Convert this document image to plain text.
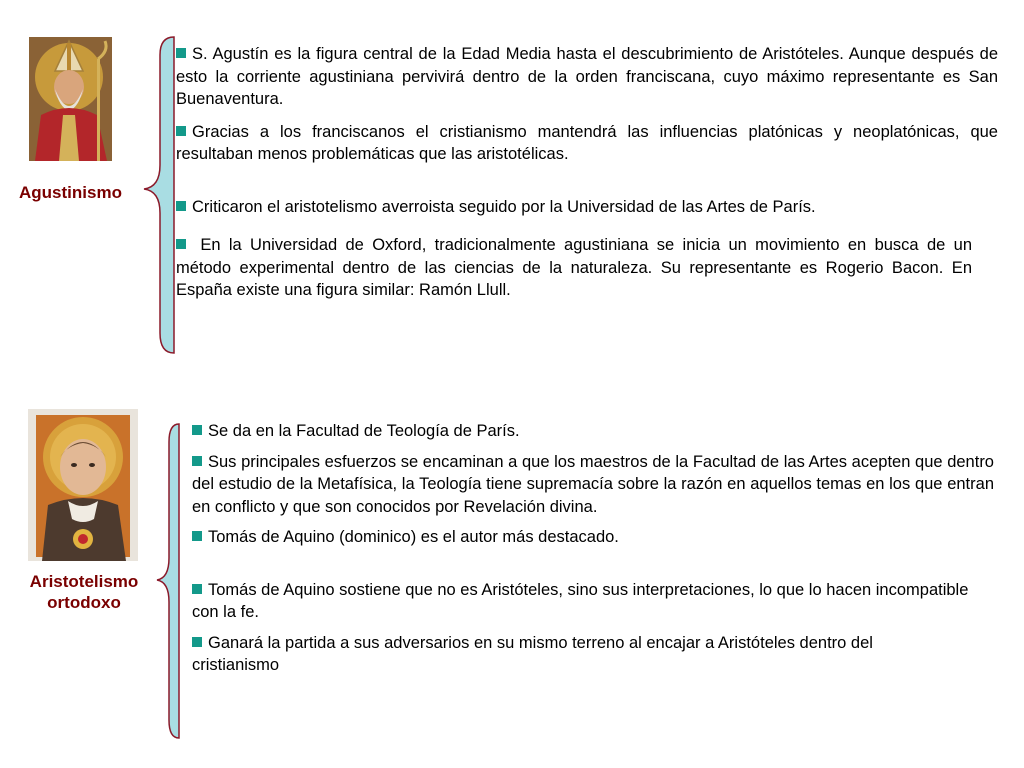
Agustinismo

S. Agustín es la figura central de la Edad Media hasta el descubrimiento de Aristóteles. Aunque después de esto la corriente agustiniana pervivirá dentro de la orden franciscana, cuyo máximo representante es San Buenaventura.

Gracias a los franciscanos el cristianismo mantendrá las influencias platónicas y neoplatónicas, que resultaban menos problemáticas que las aristotélicas.

Criticaron el aristotelismo averroista seguido por la Universidad de las Artes de París.

En la Universidad de Oxford, tradicionalmente agustiniana se inicia un movimiento en busca de un método experimental dentro de las ciencias de la naturaleza. Su representante es Rogerio Bacon. En España existe una figura similar: Ramón Llull.

Aristotelismo
ortodoxo

Se da en la Facultad de Teología de París.

Sus principales esfuerzos se encaminan a que los maestros de la Facultad de las Artes acepten que dentro del estudio de la Metafísica, la Teología tiene supremacía sobre la razón en aquellos temas en los que entran en conflicto y que son conocidos por Revelación divina.

Tomás de Aquino (dominico) es el autor más destacado.

Tomás de Aquino sostiene que no es Aristóteles, sino sus interpretaciones, lo que lo hacen incompatible con la fe.

Ganará la partida a sus adversarios en su mismo terreno al encajar a Aristóteles dentro del cristianismo
